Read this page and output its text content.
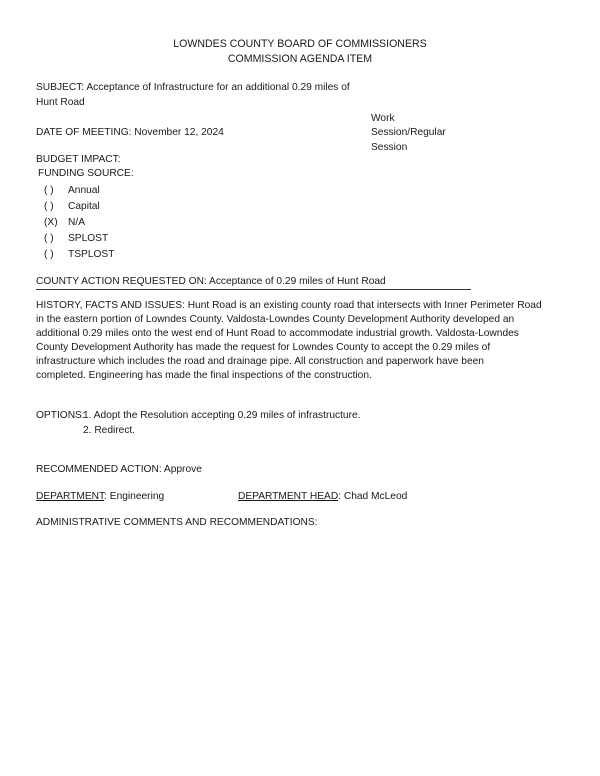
LOWNDES COUNTY BOARD OF COMMISSIONERS
COMMISSION AGENDA ITEM
SUBJECT: Acceptance of Infrastructure for an additional 0.29 miles of
Hunt Road
Work
Session/Regular
Session
DATE OF MEETING: November 12, 2024
BUDGET IMPACT:
FUNDING SOURCE:
( ) Annual
( ) Capital
(X) N/A
( ) SPLOST
( ) TSPLOST
COUNTY ACTION REQUESTED ON: Acceptance of 0.29 miles of Hunt Road
HISTORY, FACTS AND ISSUES: Hunt Road is an existing county road that intersects with Inner Perimeter Road
in the eastern portion of Lowndes County. Valdosta-Lowndes County Development Authority developed an
additional 0.29 miles onto the west end of Hunt Road to accommodate industrial growth. Valdosta-Lowndes
County Development Authority has made the request for Lowndes County to accept the 0.29 miles of
infrastructure which includes the road and drainage pipe. All construction and paperwork have been
completed. Engineering has made the final inspections of the construction.
OPTIONS:
1. Adopt the Resolution accepting 0.29 miles of infrastructure.
2. Redirect.
RECOMMENDED ACTION: Approve
DEPARTMENT: Engineering	DEPARTMENT HEAD: Chad McLeod
ADMINISTRATIVE COMMENTS AND RECOMMENDATIONS:
